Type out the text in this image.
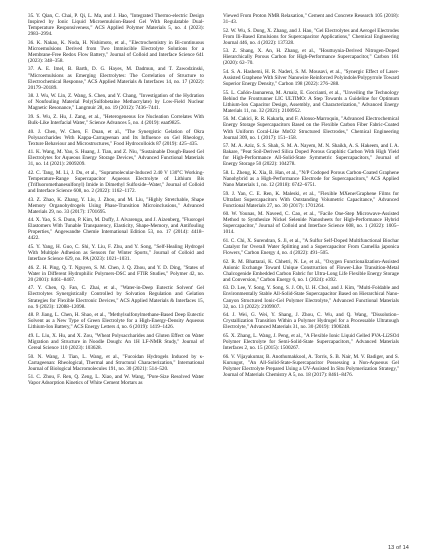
35. Y. Qian, C. Chai, P. Qi, L. Ma, and J. Hao, "Integrated Thermo-electric Design Inspired by Ionic Liquid Microemulsion-Based Gel With Regulatable Dual-Temperature Responsiveness," ACS Applied Polymer Materials 5, no. 4 (2023): 2983–2994.

36. K. Nakao, K. Noda, H. Nishimoto, et al., "Electrochemistry in Bi-continuous Microemulsions Derived from Two Immiscible Electrolyte Solutions for a Membrane-Free Redox Flow Battery," Journal of Colloid and Interface Science 641 (2023): 348–358.

37. A. E. Imel, B. Barth, D. G. Hayes, M. Dadmun, and T. Zawodzinski, "Microemulsions as Emerging Electrolytes: The Correlation of Structure to Electrochemical Response," ACS Applied Materials & Interfaces 14, no. 17 (2022): 20179–20189.

38. J. Wu, W. Lin, Z. Wang, S. Chen, and Y. Chang, "Investigation of the Hydration of Nonfouling Material Poly(Sulfobetaine Methacrylate) by Low-Field Nuclear Magnetic Resonance," Langmuir 28, no. 19 (2012): 7436–7441.

39. S. Wu, Z. Hu, J. Zang, et al., "Heterogeneous Ice Nucleation Correlates With Bulk-Like Interfacial Water," Science Advances 5, no. 4 (2019): eaat9825.

40. J. Chen, W. Chen, F. Duan, et al., "The Synergistic Gelation of Okra Polysaccharides With Kappa-Carrageenan and Its Influence on Gel Rheology, Texture Behaviour and Microstructures," Food Hydrocolloids 87 (2019): 425–435.

41. K. Wang, M. Yao, S. Huang, J. Tian, and Z. Niu, "Sustainable Dough-Based Gel Electrolytes for Aqueous Energy Storage Devices," Advanced Functional Materials 31, no. 14 (2021): 2009209.

42. C. Tang, M. Li, J. Du, et al., "Supramolecular-Induced 2.40 V 130°C Working-Temperature-Range Supercapacitor Aqueous Electrolyte of Lithium Bis (Trifluoromethanesulfonyl) Imide in Dimethyl Sulfoxide–Water," Journal of Colloid and Interface Science 608, no. 2 (2022): 1162–1172.

43. Z. Zhao, K. Zhang, Y. Liu, J. Zhou, and M. Liu, "Highly Stretchable, Shape Memory Organohydrogels Using Phase-Transition Microinclusions," Advanced Materials 29, no. 33 (2017): 1701695.

44. X. Yao, S. S. Dunn, P. Kim, M. Duffy, J. Alvarenga, and J. Aizenberg, "Fluorogel Elastomers With Tunable Transparency, Elasticity, Shape-Memory, and Antifouling Properties," Angewandte Chemie International Edition 53, no. 17 (2014): 4418–4422.

45. Y. Yang, H. Guo, C. Shi, Y. Liu, F. Zhu, and Y. Song, "Self-Healing Hydrogel With Multiple Adhesion as Sensors for Winter Sports," Journal of Colloid and Interface Science 629, no. PA (2023): 1021–1031.

46. Z. H. Ping, Q. T. Nguyen, S. M. Chen, J. Q. Zhou, and Y. D. Ding, "States of Water in Different Hydrophilic Polymers-DSC and FTIR Studies," Polymer 42, no. 20 (2001): 8461–8467.

47. Y. Chen, Q. Fan, C. Zhai, et al., "Water-in-Deep Eutectic Solvent' Gel Electrolytes Synergistically Controlled by Solvation Regulation and Gelation Strategies for Flexible Electronic Devices," ACS Applied Materials & Interfaces 15, no. 9 (2023): 12088–12098.

48. P. Jiang, L. Chen, H. Shao, et al., "Methylsulfonylmethane-Based Deep Eutectic Solvent as a New Type of Green Electrolyte for a High-Energy-Density Aqueous Lithium-Ion Battery," ACS Energy Letters 4, no. 6 (2019): 1419–1426.

49. L. Liu, X. Hu, and X. Zou, "Wheat Polysaccharides and Gluten Effect on Water Migration and Structure in Noodle Dough: An 1H LF-NMR Study," Journal of Cereal Science 110 (2023): 103628.

50. N. Wang, J. Tian, L. Wang, et al., "Fucoidan Hydrogels Induced by κ-Carrageenan: Rheological, Thermal and Structural Characterization," International Journal of Biological Macromolecules 191, no. 30 (2021): 514–520.

51. C. Zhou, F. Ren, Q. Zeng, L. Xiao, and W. Wang, "Pore-Size Resolved Water Vapor Adsorption Kinetics of White Cement Mortars as

Viewed From Proton NMR Relaxation," Cement and Concrete Research 105 (2018): 31–43.

52. W. Wu, S. Dong, X. Zhang, and J. Hao, "Gel Electrolytes and Aerogel Electrodes From Ili-Based Emulsions for Supercapacitor Applications," Chemical Engineering Journal 446, no. 4 (2022): 137328.

53. Z. Shang, X. An, H. Zhang, et al., "Houttuynia-Derived Nitrogen-Doped Hierarchically Porous Carbon for High-Performance Supercapacitor," Carbon 161 (2020): 62–70.

54. S. A. Hashemi, H. R. Naderi, S. M. Mousavi, et al., "Synergic Effect of Laser-Assisted Graphene With Silver Nanowire Reinforced Polyindole/Polypyrrole Toward Superior Energy Density," Carbon 198 (2022): 276–288.

55. L. Cañón-Jaunarena, M. Arnaiz, E. Goccianti, et al., "Unveiling the Technology Behind the Frontrunner LIC ULTIMO: A Step Towards a Guideline for Optimum Lithium-Ion Capacitor Design, Assembly, and Characterization," Advanced Energy Materials 11, no. 32 (2021): 2100952.

56. M. Cakici, R. R. Kakarla, and F. Alonso-Marroquin, "Advanced Electrochemical Energy Storage Supercapacitors Based on the Flexible Carbon Fiber Fabric-Coated With Uniform Coral-Like MnO2 Structured Electrodes," Chemical Engineering Journal 309, no. 1 (2017): 151–158.

57. M. A. Aziz, S. S. Shah, S. M. A. Nayem, M. N. Shaikh, A. S. Hakeem, and I. A. Bakare, "Peat Soil-Derived Silica Doped Porous Graphitic Carbon With High Yield for High-Performance All-Solid-State Symmetric Supercapacitors," Journal of Energy Storage 50 (2022): 104278.

58. L. Zheng, K. Xia, B. Han, et al., "N/P Codoped Porous Carbon-Coated Graphene Nanohybrid as a High-Performance Electrode for Supercapacitors," ACS Applied Nano Materials 1, no. 12 (2018): 6742–6751.

59. J. Yan, C. E. Ren, K. Maleski, et al., "Flexible MXene/Graphene Films for Ultrafast Supercapacitors With Outstanding Volumetric Capacitance," Advanced Functional Materials 27, no. 30 (2017): 1701264.

60. W. Younas, M. Naveed, C. Cao, et al., "Facile One-Step Microwave-Assisted Method to Synthesize Nickel Selenide Nanosheets for High-Performance Hybrid Supercapacitor," Journal of Colloid and Interface Science 608, no. 1 (2022): 1005–1014.

61. C. Chi, X. Surendran, S. Ji, et al., "A Sulfur Self-Doped Multifunctional Biochar Catalyst for Overall Water Splitting and a Supercapacitor From Camellia japonica Flowers," Carbon Energy 4, no. 4 (2022): 491–505.

62. R. M. Bhattarai, K. Chhetri, N. Le, et al., "Oxygen Functionalization-Assisted Anionic Exchange Toward Unique Construction of Flower-Like Transition-Metal Chalcogenide Embedded Carbon Fabric for Ultra-Long Life Flexible Energy Storage and Conversion," Carbon Energy 6, no. 1 (2024): e392.

63. D. Lee, Y. Song, Y. Song, S. J. Oh, U. H. Choi, and J. Kim, "Multi-Foldable and Environmentally Stable All-Solid-State Supercapacitor Based on Hierarchical Nano-Canyon Structured Ionic-Gel Polymer Electrolyte," Advanced Functional Materials 32, no. 13 (2022): 2109907.

64. J. Wei, G. Wei, Y. Shang, J. Zhou, C. Wu, and Q. Wang, "Dissolution–Crystallization Transition Within a Polymer Hydrogel for a Processable Ultratough Electrolyte," Advanced Materials 31, no. 30 (2019): 1900248.

65. X. Zhang, L. Wang, J. Peng, et al., "A Flexible Ionic Liquid Gelled PVA-Li2SO4 Polymer Electrolyte for Semi-Solid-State Supercapacitors," Advanced Materials Interfaces 2, no. 15 (2015): 1500267.

66. V. Vijayakumar, B. Anothumakkool, A. Torris, S. B. Nair, M. V. Badiger, and S. Kurungot, "An All-Solid-State-Supercapacitor Possessing a Non-Aqueous Gel Polymer Electrolyte Prepared Using a UV-Assisted In Situ Polymerization Strategy," Journal of Materials Chemistry A 5, no. 18 (2017): 8461–8476.

13 of 14
